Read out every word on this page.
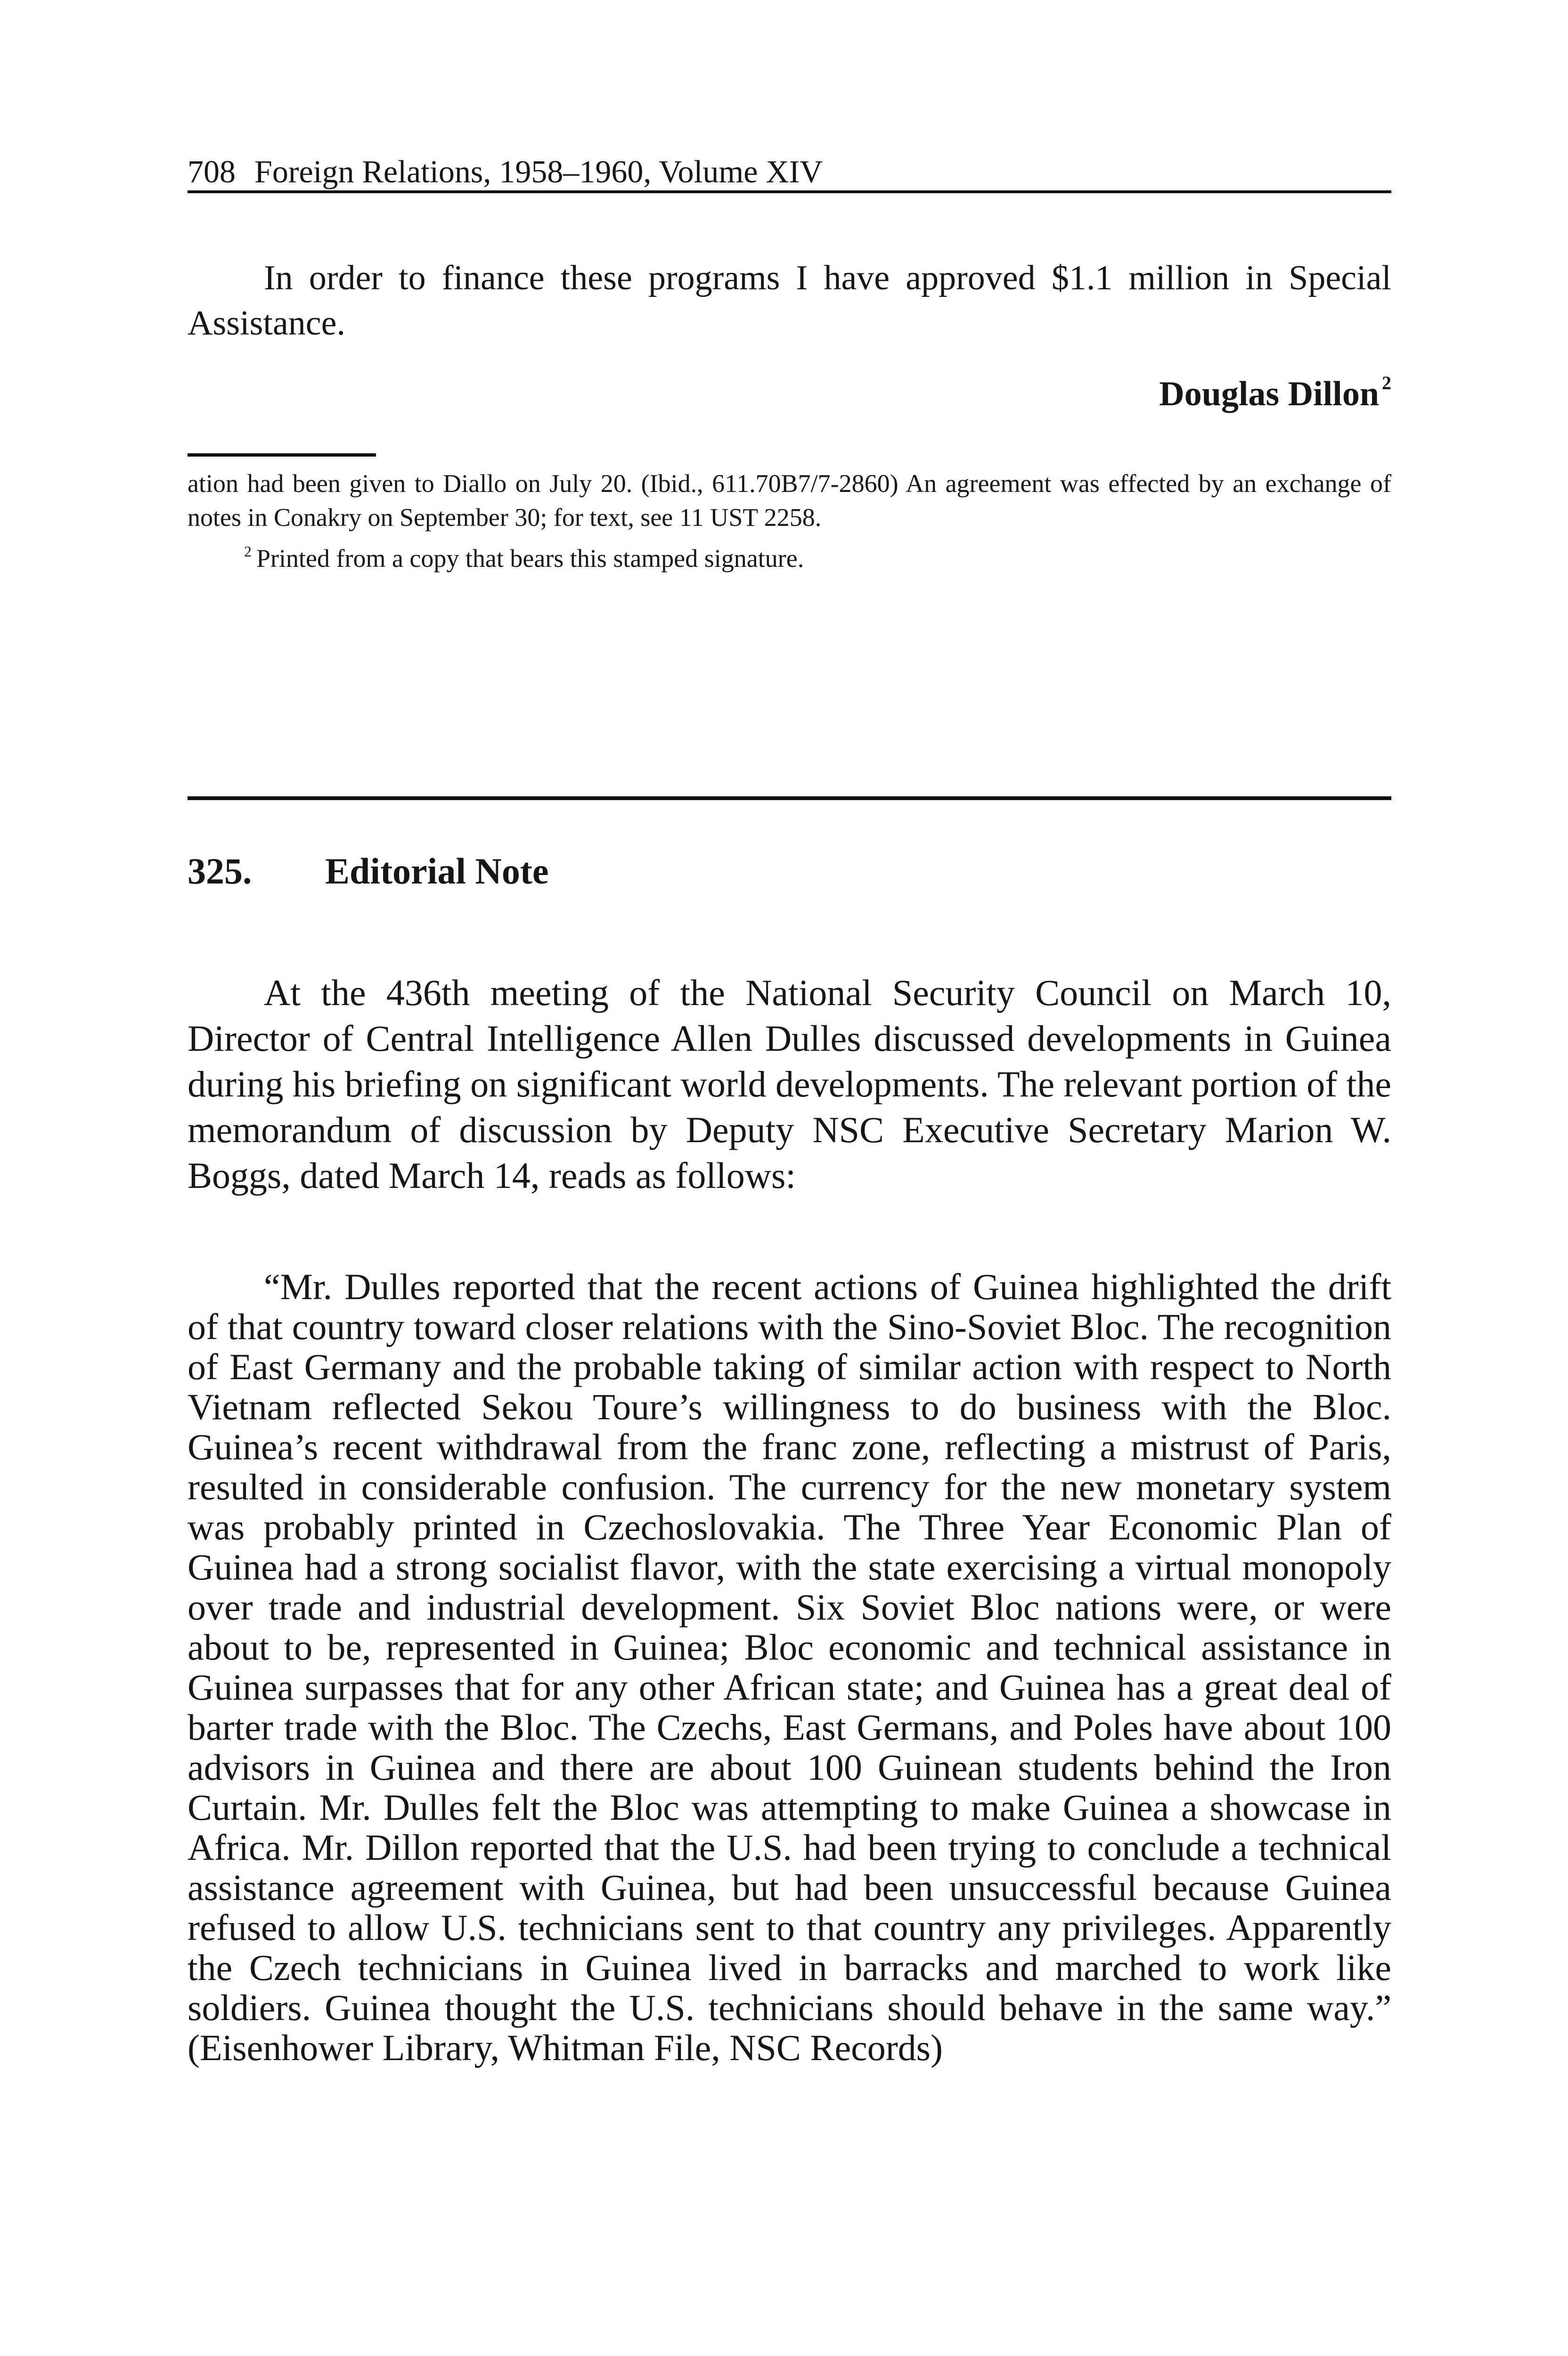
708 Foreign Relations, 1958–1960, Volume XIV

In order to finance these programs I have approved $1.1 million in Special Assistance.

Douglas Dillon $^2$

ation had been given to Diallo on July 20. (Ibid., 611.70B7/7-2860) An agreement was effected by an exchange of notes in Conakry on September 30; for text, see 11 UST 2258.

$^2$ Printed from a copy that bears this stamped signature.

325. Editorial Note

At the 436th meeting of the National Security Council on March 10, Director of Central Intelligence Allen Dulles discussed developments in Guinea during his briefing on significant world developments. The relevant portion of the memorandum of discussion by Deputy NSC Executive Secretary Marion W. Boggs, dated March 14, reads as follows:

“Mr. Dulles reported that the recent actions of Guinea highlighted the drift of that country toward closer relations with the Sino-Soviet Bloc. The recognition of East Germany and the probable taking of similar action with respect to North Vietnam reflected Sekou Toure’s willingness to do business with the Bloc. Guinea’s recent withdrawal from the franc zone, reflecting a mistrust of Paris, resulted in considerable confusion. The currency for the new monetary system was probably printed in Czechoslovakia. The Three Year Economic Plan of Guinea had a strong socialist flavor, with the state exercising a virtual monopoly over trade and industrial development. Six Soviet Bloc nations were, or were about to be, represented in Guinea; Bloc economic and technical assistance in Guinea surpasses that for any other African state; and Guinea has a great deal of barter trade with the Bloc. The Czechs, East Germans, and Poles have about 100 advisors in Guinea and there are about 100 Guinean students behind the Iron Curtain. Mr. Dulles felt the Bloc was attempting to make Guinea a showcase in Africa. Mr. Dillon reported that the U.S. had been trying to conclude a technical assistance agreement with Guinea, but had been unsuccessful because Guinea refused to allow U.S. technicians sent to that country any privileges. Apparently the Czech technicians in Guinea lived in barracks and marched to work like soldiers. Guinea thought the U.S. technicians should behave in the same way.” (Eisenhower Library, Whitman File, NSC Records)
